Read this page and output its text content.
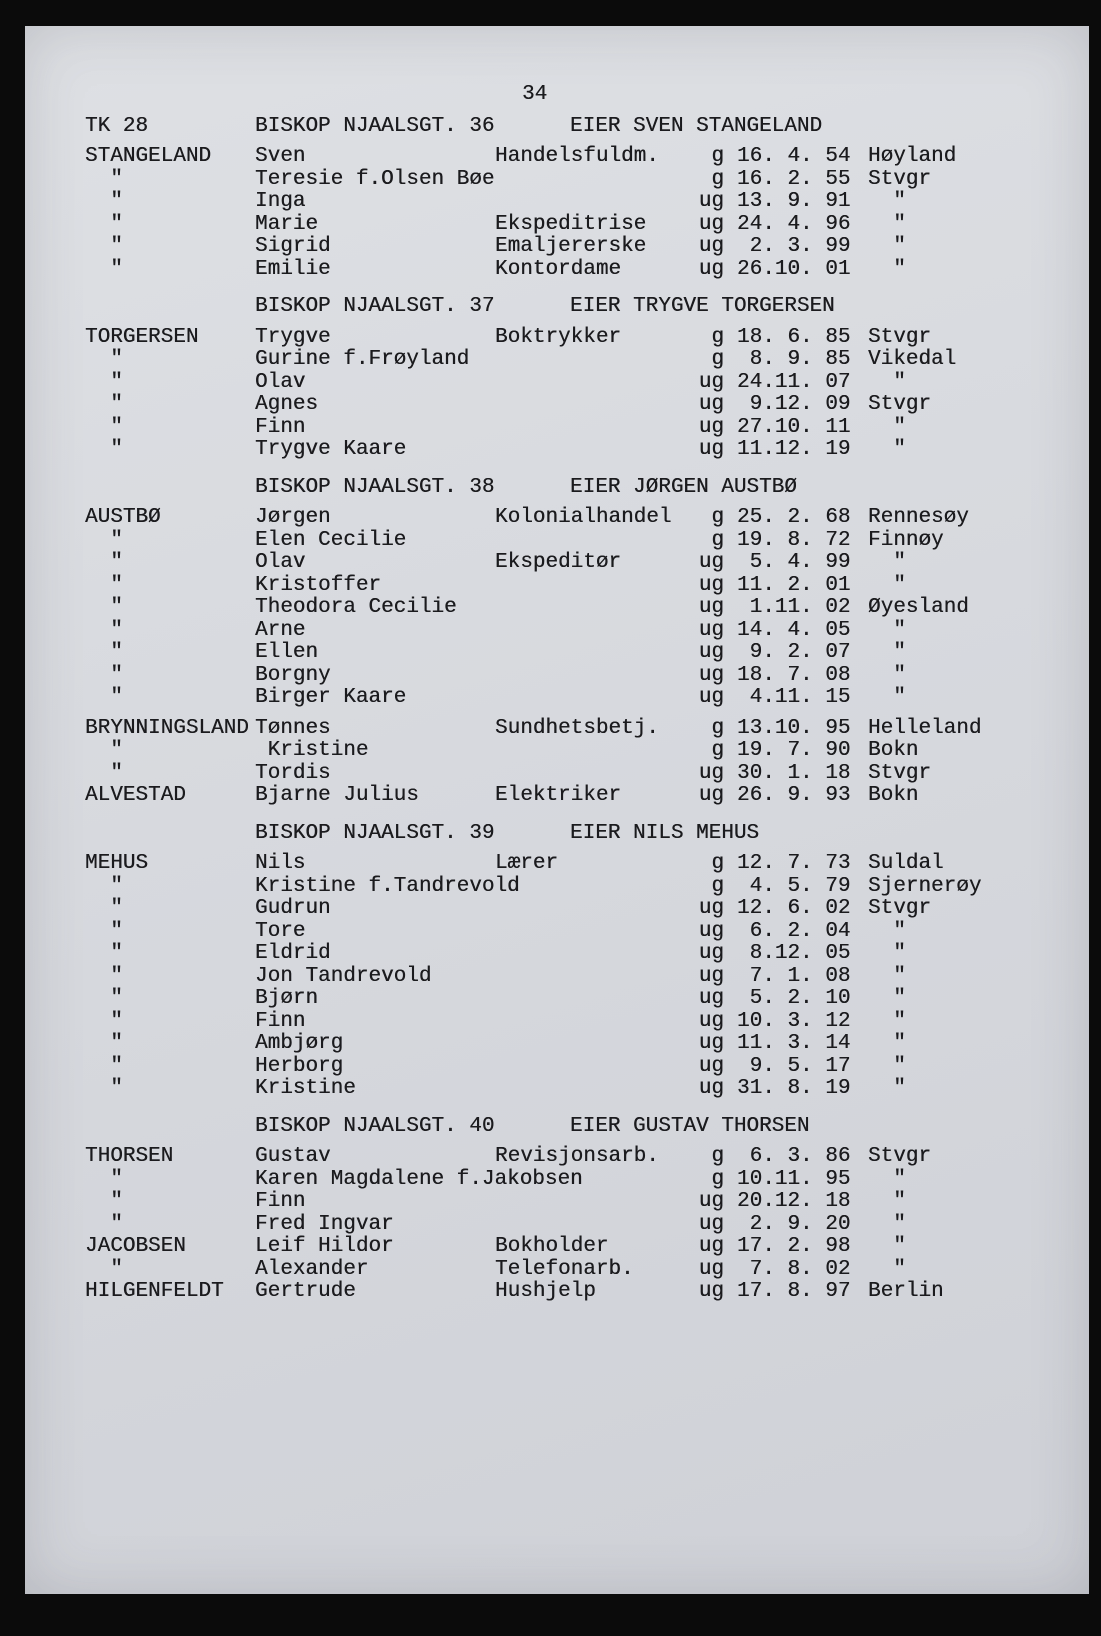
34
TK 28	BISKOP NJAALSGT. 36	EIER SVEN STANGELAND
STANGELAND	Sven	Handelsfuldm.	g 16. 4. 54 Høyland
"	Teresie f.Olsen Bøe	g 16. 2. 55 Stvgr
"	Inga	ug 13. 9. 91 "
"	Marie	Ekspeditrise	ug 24. 4. 96 "
"	Sigrid	Emaljererske	ug 2. 3. 99 "
"	Emilie	Kontordame	ug 26.10. 01 "
BISKOP NJAALSGT. 37	EIER TRYGVE TORGERSEN
TORGERSEN	Trygve	Boktrykker	g 18. 6. 85 Stvgr
"	Gurine f.Frøyland	g 8. 9. 85 Vikedal
"	Olav	ug 24.11. 07 "
"	Agnes	ug 9.12. 09 Stvgr
"	Finn	ug 27.10. 11 "
"	Trygve Kaare	ug 11.12. 19 "
BISKOP NJAALSGT. 38	EIER JØRGEN AUSTBØ
AUSTBØ	Jørgen	Kolonialhandel	g 25. 2. 68 Rennesøy
"	Elen Cecilie	g 19. 8. 72 Finnøy
"	Olav	Ekspeditør	ug 5. 4. 99 "
"	Kristoffer	ug 11. 2. 01 "
"	Theodora Cecilie	ug 1.11. 02 Øyesland
"	Arne	ug 14. 4. 05 "
"	Ellen	ug 9. 2. 07 "
"	Borgny	ug 18. 7. 08 "
"	Birger Kaare	ug 4.11. 15 "
BRYNNINGSLAND Tønnes	Sundhetsbetj.	g 13.10. 95 Helleland
"	Kristine	g 19. 7. 90 Bokn
"	Tordis	ug 30. 1. 18 Stvgr
ALVESTAD	Bjarne Julius	Elektriker	ug 26. 9. 93 Bokn
BISKOP NJAALSGT. 39	EIER NILS MEHUS
MEHUS	Nils	Lærer	g 12. 7. 73 Suldal
"	Kristine f.Tandrevold	g 4. 5. 79 Sjernerøy
"	Gudrun	ug 12. 6. 02 Stvgr
"	Tore	ug 6. 2. 04 "
"	Eldrid	ug 8.12. 05 "
"	Jon Tandrevold	ug 7. 1. 08 "
"	Bjørn	ug 5. 2. 10 "
"	Finn	ug 10. 3. 12 "
"	Ambjørg	ug 11. 3. 14 "
"	Herborg	ug 9. 5. 17 "
"	Kristine	ug 31. 8. 19 "
BISKOP NJAALSGT. 40	EIER GUSTAV THORSEN
THORSEN	Gustav	Revisjonsarb.	g 6. 3. 86 Stvgr
"	Karen Magdalene f.Jakobsen	g 10.11. 95 "
"	Finn	ug 20.12. 18 "
"	Fred Ingvar	ug 2. 9. 20 "
JACOBSEN	Leif Hildor	Bokholder	ug 17. 2. 98 "
"	Alexander	Telefonarb.	ug 7. 8. 02 "
HILGENFELDT	Gertrude	Hushjelp	ug 17. 8. 97 Berlin
